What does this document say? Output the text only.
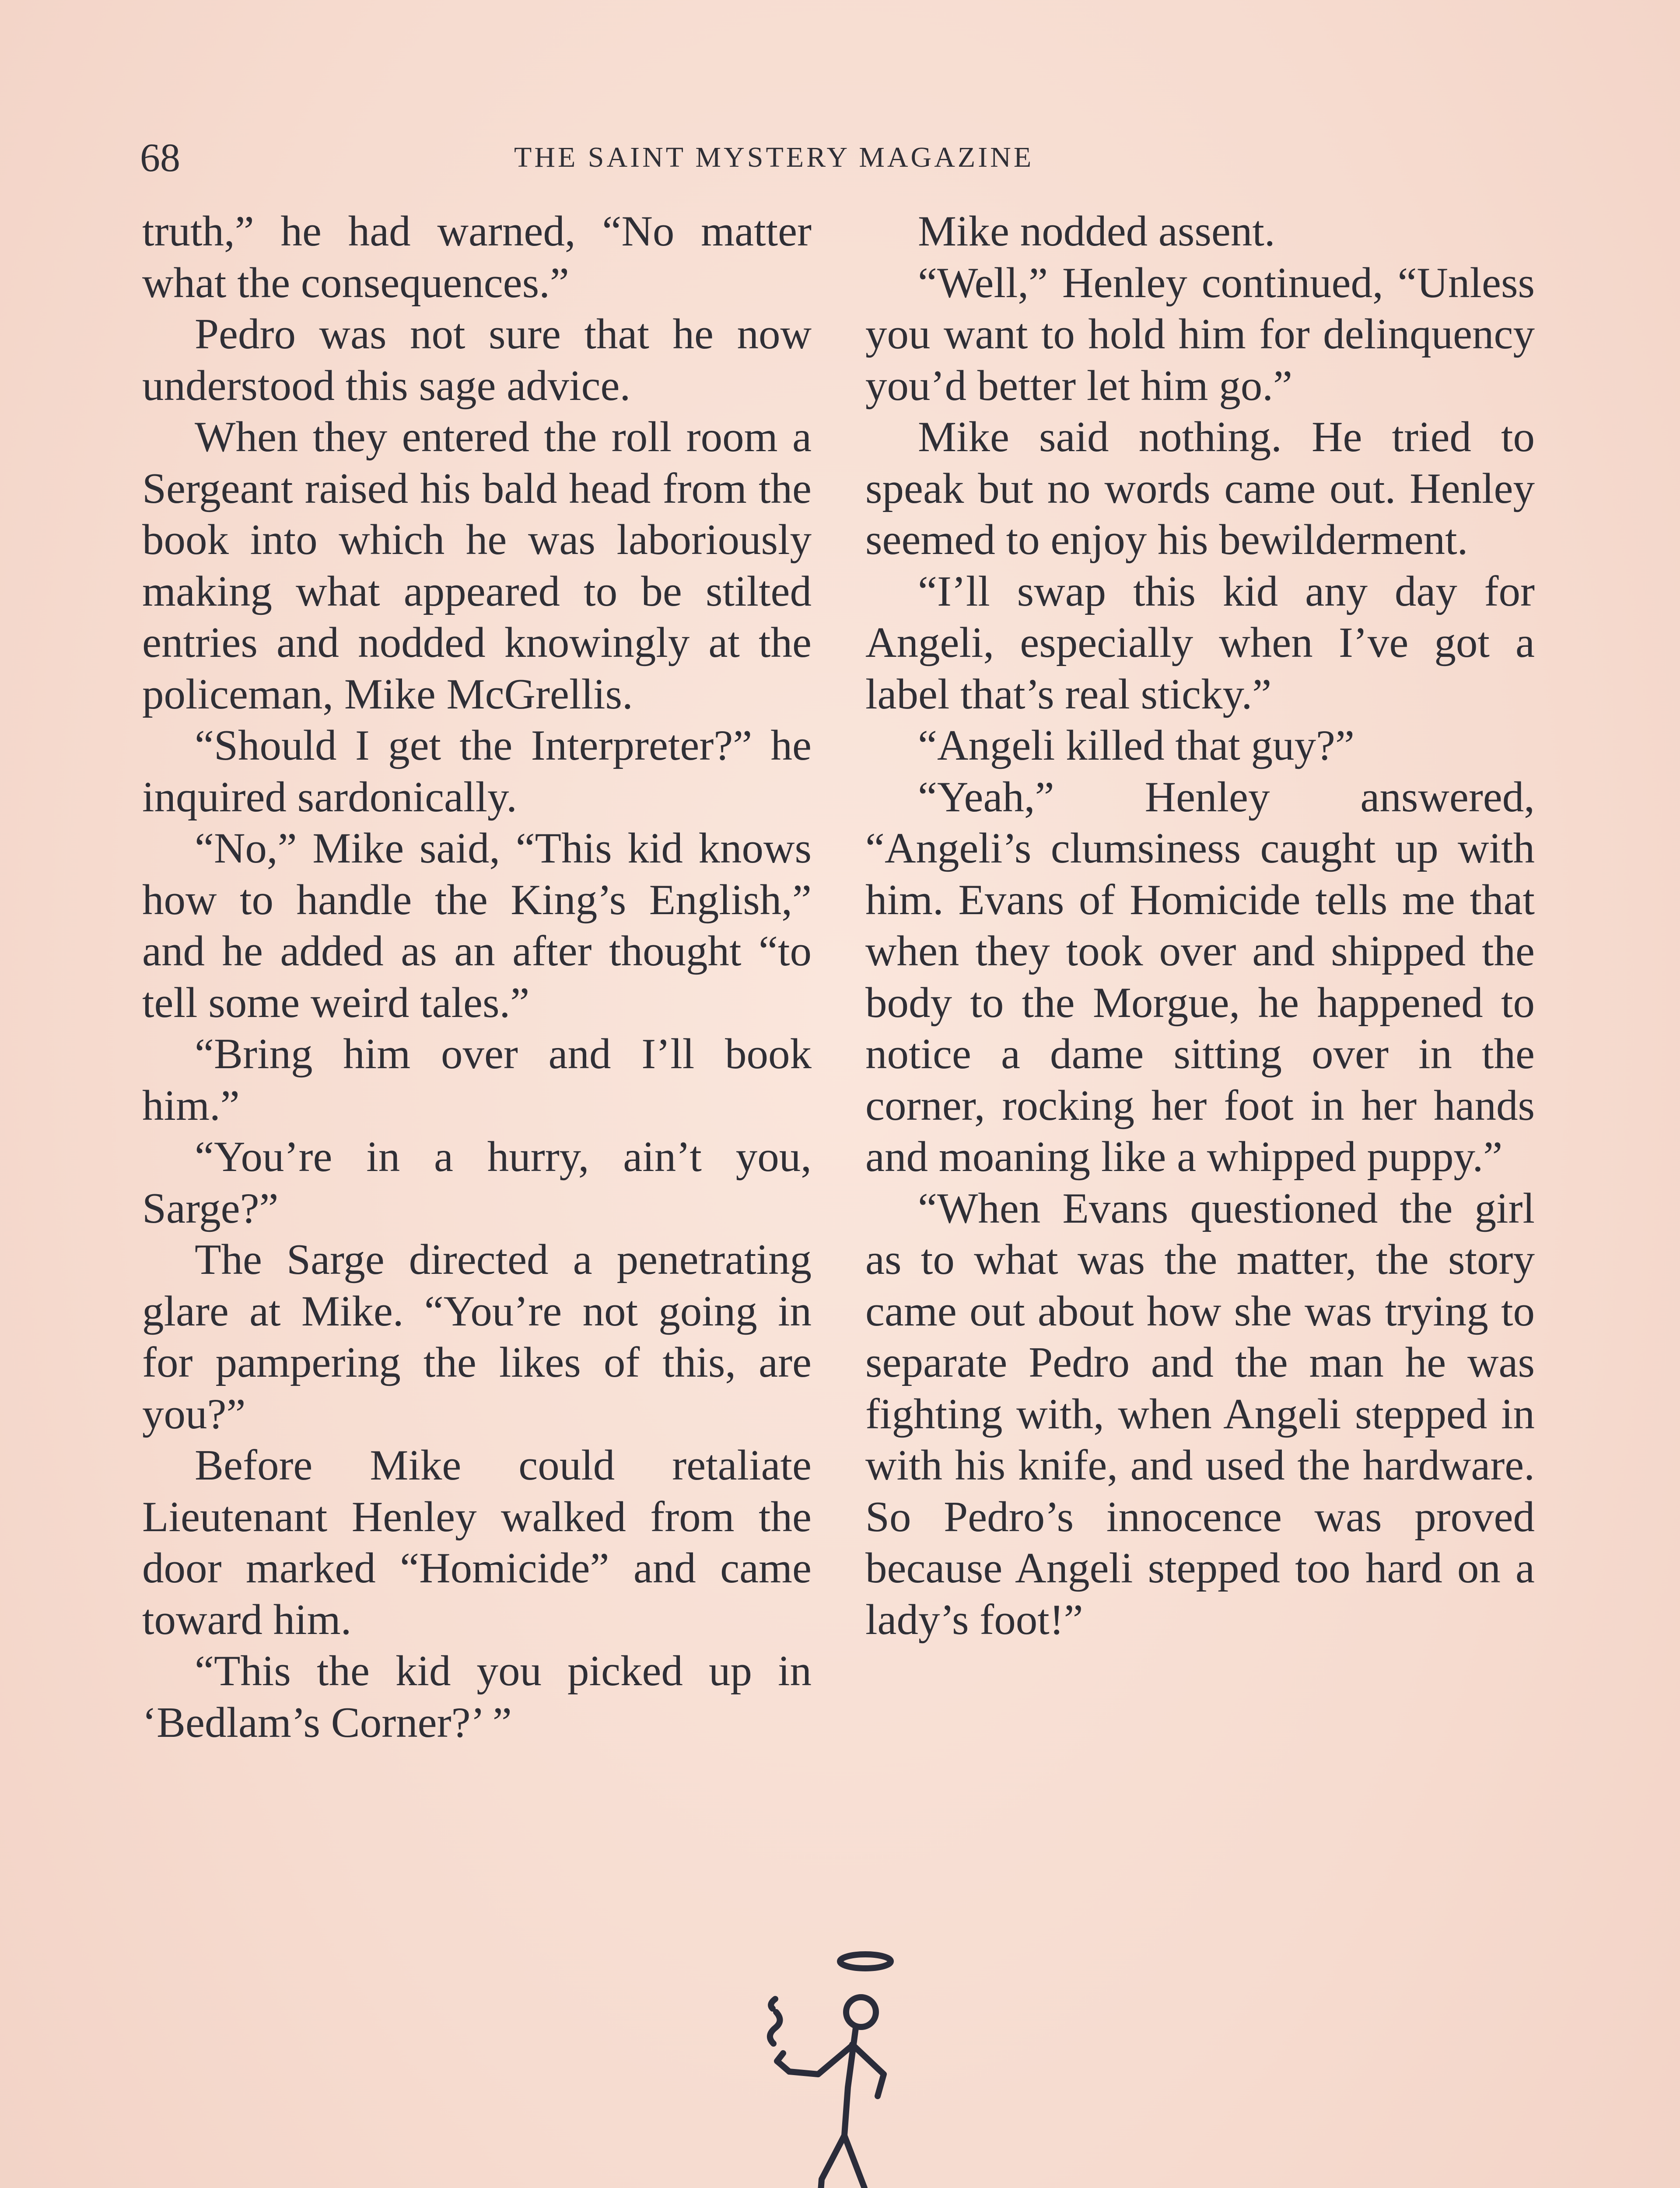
68	THE SAINT MYSTERY MAGAZINE

truth,” he had warned, “No matter what the consequences.”

Pedro was not sure that he now understood this sage advice.

When they entered the roll room a Sergeant raised his bald head from the book into which he was laboriously making what appeared to be stilted entries and nodded knowingly at the policeman, Mike McGrellis.

“Should I get the Interpreter?” he inquired sardonically.

“No,” Mike said, “This kid knows how to handle the King’s English,” and he added as an after thought “to tell some weird tales.”

“Bring him over and I’ll book him.”

“You’re in a hurry, ain’t you, Sarge?”

The Sarge directed a penetrating glare at Mike. “You’re not going in for pampering the likes of this, are you?”

Before Mike could retaliate Lieutenant Henley walked from the door marked “Homicide” and came toward him.

“This the kid you picked up in ‘Bedlam’s Corner?’ ”

Mike nodded assent.

“Well,” Henley continued, “Unless you want to hold him for delinquency you’d better let him go.”

Mike said nothing. He tried to speak but no words came out. Henley seemed to enjoy his bewilderment.

“I’ll swap this kid any day for Angeli, especially when I’ve got a label that’s real sticky.”

“Angeli killed that guy?”

“Yeah,” Henley answered, “Angeli’s clumsiness caught up with him. Evans of Homicide tells me that when they took over and shipped the body to the Morgue, he happened to notice a dame sitting over in the corner, rocking her foot in her hands and moaning like a whipped puppy.”

“When Evans questioned the girl as to what was the matter, the story came out about how she was trying to separate Pedro and the man he was fighting with, when Angeli stepped in with his knife, and used the hardware. So Pedro’s innocence was proved because Angeli stepped too hard on a lady’s foot!”
